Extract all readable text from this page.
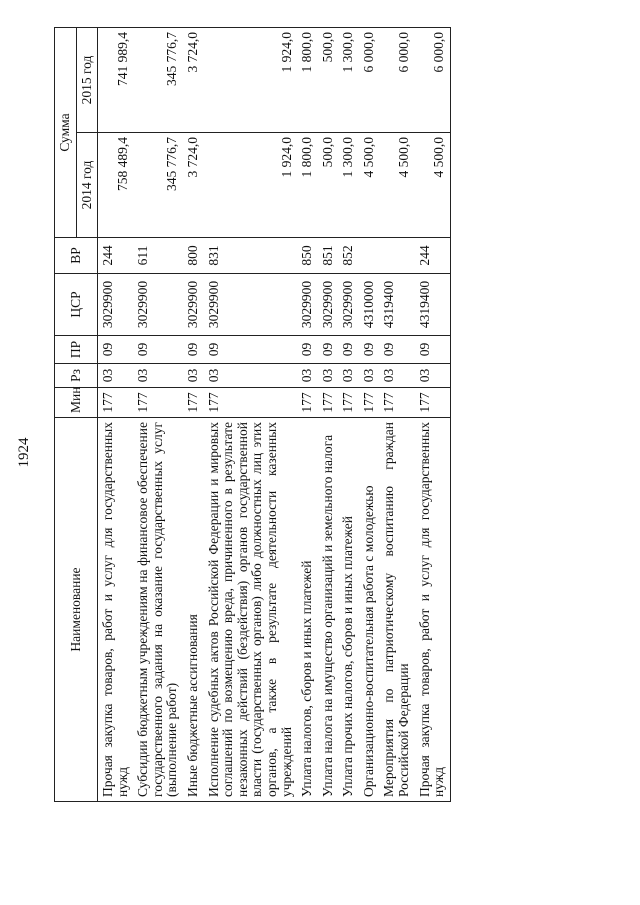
1924
Наименование	Мин	Рз	ПР	ЦСР	ВР	Сумма	
						2014 год	2015 год
Прочая закупка товаров, работ и услуг для государственных нужд	177	03	09	3029900	244	758 489,4	741 989,4
Субсидии бюджетным учреждениям на финансовое обеспечение государственного задания на оказание государственных услуг (выполнение работ)	177	03	09	3029900	611	345 776,7	345 776,7
Иные бюджетные ассигнования	177	03	09	3029900	800	3 724,0	3 724,0
Исполнение судебных актов Российской Федерации и мировых соглашений по возмещению вреда, причиненного в результате незаконных действий (бездействия) органов государственной власти (государственных органов) либо должностных лиц этих органов, а также в результате деятельности казенных учреждений	177	03	09	3029900	831	1 924,0	1 924,0
Уплата налогов, сборов и иных платежей	177	03	09	3029900	850	1 800,0	1 800,0
Уплата налога на имущество организаций и земельного налога	177	03	09	3029900	851	500,0	500,0
Уплата прочих налогов, сборов и иных платежей	177	03	09	3029900	852	1 300,0	1 300,0
Организационно-воспитательная работа с молодежью	177	03	09	4310000		4 500,0	6 000,0
Мероприятия по патриотическому воспитанию граждан Российской Федерации	177	03	09	4319400		4 500,0	6 000,0
Прочая закупка товаров, работ и услуг для государственных нужд	177	03	09	4319400	244	4 500,0	6 000,0
